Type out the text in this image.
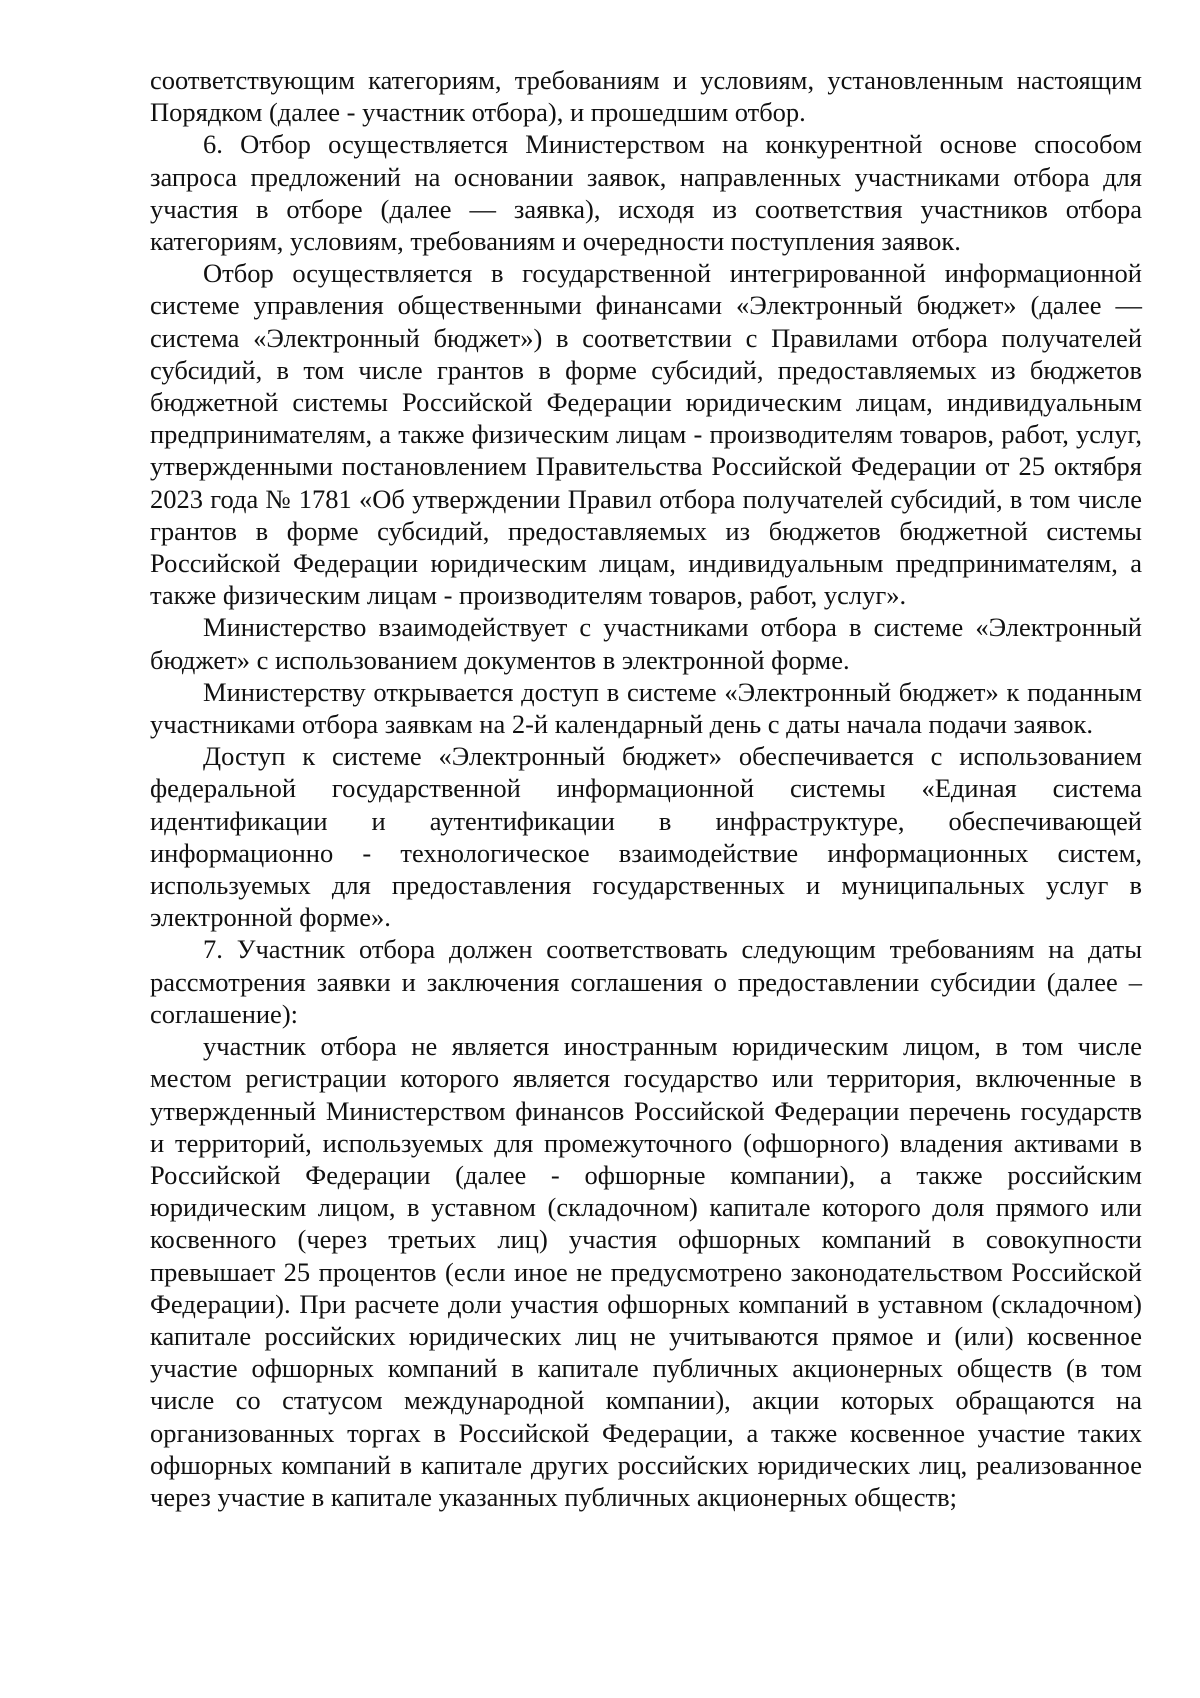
соответствующим категориям, требованиям и условиям, установленным настоящим Порядком (далее - участник отбора), и прошедшим отбор.

6. Отбор осуществляется Министерством на конкурентной основе способом запроса предложений на основании заявок, направленных участниками отбора для участия в отборе (далее — заявка), исходя из соответствия участников отбора категориям, условиям, требованиям и очередности поступления заявок.

Отбор осуществляется в государственной интегрированной информационной системе управления общественными финансами «Электронный бюджет» (далее — система «Электронный бюджет») в соответствии с Правилами отбора получателей субсидий, в том числе грантов в форме субсидий, предоставляемых из бюджетов бюджетной системы Российской Федерации юридическим лицам, индивидуальным предпринимателям, а также физическим лицам - производителям товаров, работ, услуг, утвержденными постановлением Правительства Российской Федерации от 25 октября 2023 года № 1781 «Об утверждении Правил отбора получателей субсидий, в том числе грантов в форме субсидий, предоставляемых из бюджетов бюджетной системы Российской Федерации юридическим лицам, индивидуальным предпринимателям, а также физическим лицам - производителям товаров, работ, услуг».

Министерство взаимодействует с участниками отбора в системе «Электронный бюджет» с использованием документов в электронной форме.

Министерству открывается доступ в системе «Электронный бюджет» к поданным участниками отбора заявкам на 2-й календарный день с даты начала подачи заявок.

Доступ к системе «Электронный бюджет» обеспечивается с использованием федеральной государственной информационной системы «Единая система идентификации и аутентификации в инфраструктуре, обеспечивающей информационно - технологическое взаимодействие информационных систем, используемых для предоставления государственных и муниципальных услуг в электронной форме».

7. Участник отбора должен соответствовать следующим требованиям на даты рассмотрения заявки и заключения соглашения о предоставлении субсидии (далее – соглашение):

участник отбора не является иностранным юридическим лицом, в том числе местом регистрации которого является государство или территория, включенные в утвержденный Министерством финансов Российской Федерации перечень государств и территорий, используемых для промежуточного (офшорного) владения активами в Российской Федерации (далее - офшорные компании), а также российским юридическим лицом, в уставном (складочном) капитале которого доля прямого или косвенного (через третьих лиц) участия офшорных компаний в совокупности превышает 25 процентов (если иное не предусмотрено законодательством Российской Федерации). При расчете доли участия офшорных компаний в уставном (складочном) капитале российских юридических лиц не учитываются прямое и (или) косвенное участие офшорных компаний в капитале публичных акционерных обществ (в том числе со статусом международной компании), акции которых обращаются на организованных торгах в Российской Федерации, а также косвенное участие таких офшорных компаний в капитале других российских юридических лиц, реализованное через участие в капитале указанных публичных акционерных обществ;
